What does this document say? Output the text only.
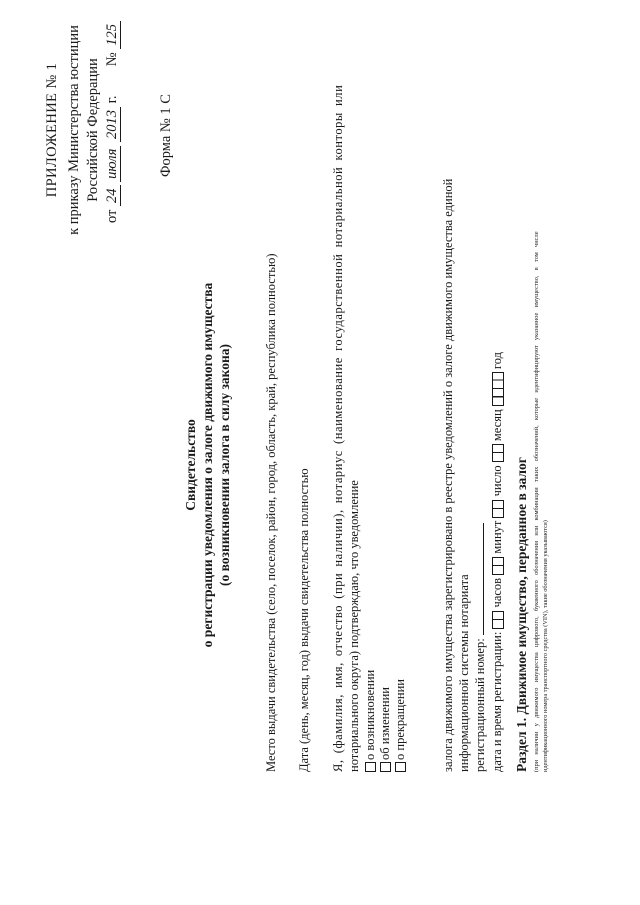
ПРИЛОЖЕНИЕ № 1 к приказу Министерства юстиции Российской Федерации
от 24 июля 2013 г.  № 125
Форма № 1 С
Свидетельство о регистрации уведомления о залоге движимого имущества (о возникновении залога в силу закона)	Место выдачи свидетельства (село, поселок, район, город, область, край, республика полностью) Дата (день, месяц, год) выдачи свидетельства полностью Я, (фамилия, имя, отчество (при наличии), нотариус (наименование государственной нотариальной конторы или нотариального округа) подтверждаю, что уведомление о возникновении об изменении о прекращении	залога движимого имущества зарегистрировано в реестре уведомлений о залоге движимого имущества единой информационной системы нотариата регистрационный номер: дата и время регистрации:  часов  минут  число  месяц  год
Раздел 1. Движимое имущество, переданное в залог (при наличии у движимого имущества цифрового, буквенного обозначения или комбинации таких обозначений, которые идентифицируют указанное имущество, в том числе идентификационного номера транспортного средства (VIN), такие обозначения указываются)
